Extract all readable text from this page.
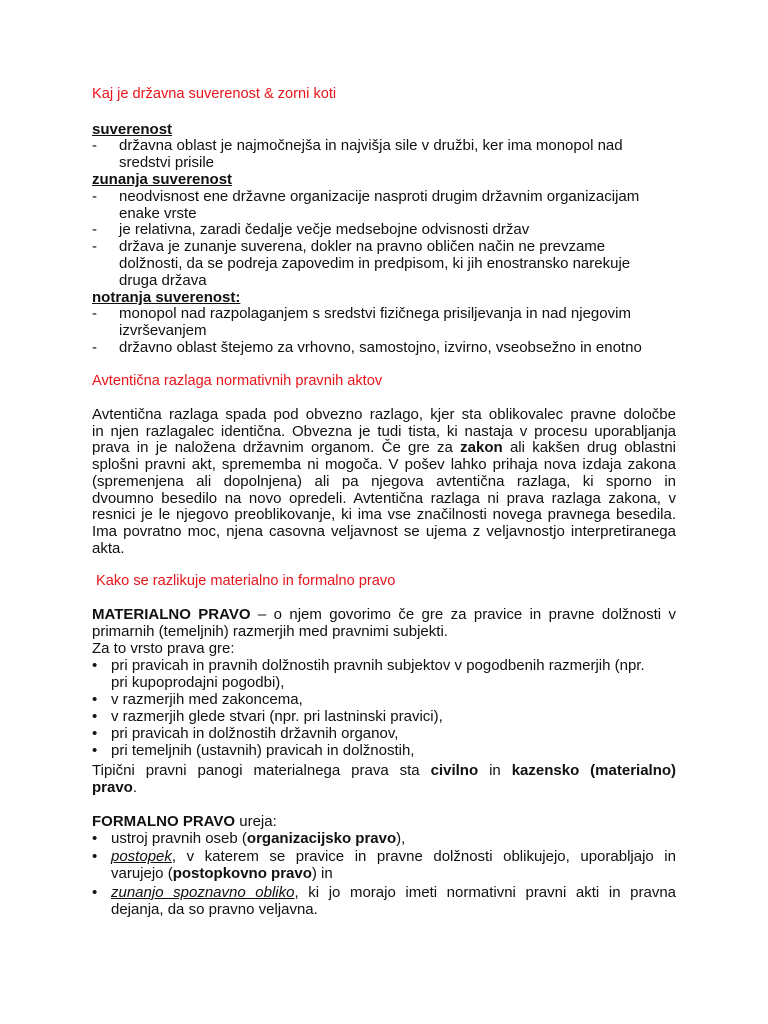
Kaj je državna suverenost & zorni koti
suverenost
- državna oblast je najmočnejša in najvišja sile v družbi, ker ima monopol nad
sredstvi prisile
zunanja suverenost
- neodvisnost ene državne organizacije nasproti drugim državnim organizacijam
enake vrste
- je relativna, zaradi čedalje večje medsebojne odvisnosti držav
- država je zunanje suverena, dokler na pravno obličen način ne prevzame
dolžnosti, da se podreja zapovedim in predpisom, ki jih enostransko narekuje
druga država
notranja suverenost:
- monopol nad razpolaganjem s sredstvi fizičnega prisiljevanja in nad njegovim
izvrševanjem
- državno oblast štejemo za vrhovno, samostojno, izvirno, vseobsežno in enotno
Avtentična razlaga normativnih pravnih aktov
Avtentična razlaga spada pod obvezno razlago, kjer sta oblikovalec pravne določbe
in njen razlagalec identična. Obvezna je tudi tista, ki nastaja v procesu uporabljanja
prava in je naložena državnim organom. Če gre za zakon ali kakšen drug oblastni
splošni pravni akt, sprememba ni mogoča. V pošev lahko prihaja nova izdaja zakona
(spremenjena ali dopolnjena) ali pa njegova avtentična razlaga, ki sporno in
dvoumno besedilo na novo opredeli. Avtentična razlaga ni prava razlaga zakona, v
resnici je le njegovo preoblikovanje, ki ima vse značilnosti novega pravnega besedila.
Ima povratno moc, njena casovna veljavnost se ujema z veljavnostjo interpretiranega
akta.
Kako se razlikuje materialno in formalno pravo
MATERIALNO PRAVO – o njem govorimo če gre za pravice in pravne dolžnosti v
primarnih (temeljnih) razmerjih med pravnimi subjekti.
Za to vrsto prava gre:
• pri pravicah in pravnih dolžnostih pravnih subjektov v pogodbenih razmerjih (npr.
pri kupoprodajni pogodbi),
• v razmerjih med zakoncema,
• v razmerjih glede stvari (npr. pri lastninski pravici),
• pri pravicah in dolžnostih državnih organov,
• pri temeljnih (ustavnih) pravicah in dolžnostih,
Tipični pravni panogi materialnega prava sta civilno in kazensko (materialno)
pravo.
FORMALNO PRAVO ureja:
• ustroj pravnih oseb (organizacijsko pravo),
• postopek, v katerem se pravice in pravne dolžnosti oblikujejo, uporabljajo in
varujejo (postopkovno pravo) in
• zunanjo spoznavno obliko, ki jo morajo imeti normativni pravni akti in pravna
dejanja, da so pravno veljavna.
